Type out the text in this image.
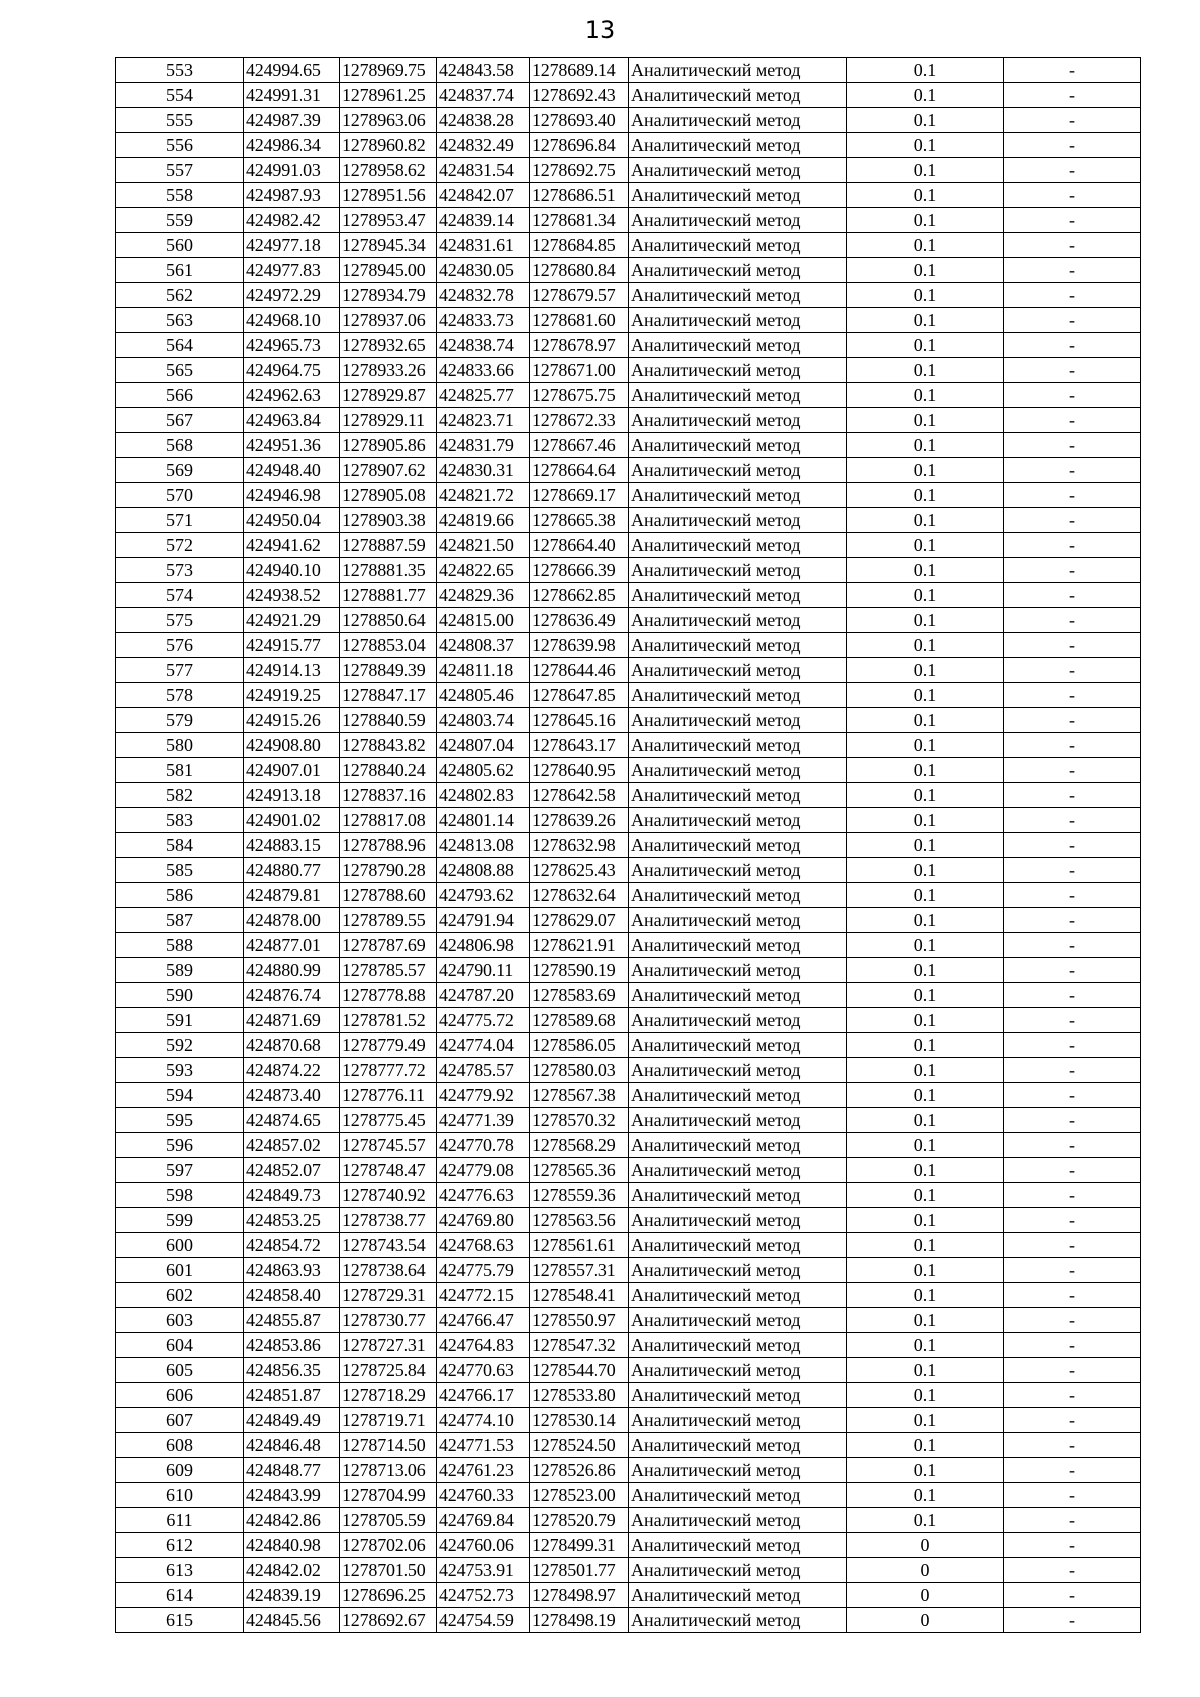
13
553	424994.65	1278969.75	424843.58	1278689.14	Аналитический метод	0.1	-
554	424991.31	1278961.25	424837.74	1278692.43	Аналитический метод	0.1	-
555	424987.39	1278963.06	424838.28	1278693.40	Аналитический метод	0.1	-
556	424986.34	1278960.82	424832.49	1278696.84	Аналитический метод	0.1	-
557	424991.03	1278958.62	424831.54	1278692.75	Аналитический метод	0.1	-
558	424987.93	1278951.56	424842.07	1278686.51	Аналитический метод	0.1	-
559	424982.42	1278953.47	424839.14	1278681.34	Аналитический метод	0.1	-
560	424977.18	1278945.34	424831.61	1278684.85	Аналитический метод	0.1	-
561	424977.83	1278945.00	424830.05	1278680.84	Аналитический метод	0.1	-
562	424972.29	1278934.79	424832.78	1278679.57	Аналитический метод	0.1	-
563	424968.10	1278937.06	424833.73	1278681.60	Аналитический метод	0.1	-
564	424965.73	1278932.65	424838.74	1278678.97	Аналитический метод	0.1	-
565	424964.75	1278933.26	424833.66	1278671.00	Аналитический метод	0.1	-
566	424962.63	1278929.87	424825.77	1278675.75	Аналитический метод	0.1	-
567	424963.84	1278929.11	424823.71	1278672.33	Аналитический метод	0.1	-
568	424951.36	1278905.86	424831.79	1278667.46	Аналитический метод	0.1	-
569	424948.40	1278907.62	424830.31	1278664.64	Аналитический метод	0.1	-
570	424946.98	1278905.08	424821.72	1278669.17	Аналитический метод	0.1	-
571	424950.04	1278903.38	424819.66	1278665.38	Аналитический метод	0.1	-
572	424941.62	1278887.59	424821.50	1278664.40	Аналитический метод	0.1	-
573	424940.10	1278881.35	424822.65	1278666.39	Аналитический метод	0.1	-
574	424938.52	1278881.77	424829.36	1278662.85	Аналитический метод	0.1	-
575	424921.29	1278850.64	424815.00	1278636.49	Аналитический метод	0.1	-
576	424915.77	1278853.04	424808.37	1278639.98	Аналитический метод	0.1	-
577	424914.13	1278849.39	424811.18	1278644.46	Аналитический метод	0.1	-
578	424919.25	1278847.17	424805.46	1278647.85	Аналитический метод	0.1	-
579	424915.26	1278840.59	424803.74	1278645.16	Аналитический метод	0.1	-
580	424908.80	1278843.82	424807.04	1278643.17	Аналитический метод	0.1	-
581	424907.01	1278840.24	424805.62	1278640.95	Аналитический метод	0.1	-
582	424913.18	1278837.16	424802.83	1278642.58	Аналитический метод	0.1	-
583	424901.02	1278817.08	424801.14	1278639.26	Аналитический метод	0.1	-
584	424883.15	1278788.96	424813.08	1278632.98	Аналитический метод	0.1	-
585	424880.77	1278790.28	424808.88	1278625.43	Аналитический метод	0.1	-
586	424879.81	1278788.60	424793.62	1278632.64	Аналитический метод	0.1	-
587	424878.00	1278789.55	424791.94	1278629.07	Аналитический метод	0.1	-
588	424877.01	1278787.69	424806.98	1278621.91	Аналитический метод	0.1	-
589	424880.99	1278785.57	424790.11	1278590.19	Аналитический метод	0.1	-
590	424876.74	1278778.88	424787.20	1278583.69	Аналитический метод	0.1	-
591	424871.69	1278781.52	424775.72	1278589.68	Аналитический метод	0.1	-
592	424870.68	1278779.49	424774.04	1278586.05	Аналитический метод	0.1	-
593	424874.22	1278777.72	424785.57	1278580.03	Аналитический метод	0.1	-
594	424873.40	1278776.11	424779.92	1278567.38	Аналитический метод	0.1	-
595	424874.65	1278775.45	424771.39	1278570.32	Аналитический метод	0.1	-
596	424857.02	1278745.57	424770.78	1278568.29	Аналитический метод	0.1	-
597	424852.07	1278748.47	424779.08	1278565.36	Аналитический метод	0.1	-
598	424849.73	1278740.92	424776.63	1278559.36	Аналитический метод	0.1	-
599	424853.25	1278738.77	424769.80	1278563.56	Аналитический метод	0.1	-
600	424854.72	1278743.54	424768.63	1278561.61	Аналитический метод	0.1	-
601	424863.93	1278738.64	424775.79	1278557.31	Аналитический метод	0.1	-
602	424858.40	1278729.31	424772.15	1278548.41	Аналитический метод	0.1	-
603	424855.87	1278730.77	424766.47	1278550.97	Аналитический метод	0.1	-
604	424853.86	1278727.31	424764.83	1278547.32	Аналитический метод	0.1	-
605	424856.35	1278725.84	424770.63	1278544.70	Аналитический метод	0.1	-
606	424851.87	1278718.29	424766.17	1278533.80	Аналитический метод	0.1	-
607	424849.49	1278719.71	424774.10	1278530.14	Аналитический метод	0.1	-
608	424846.48	1278714.50	424771.53	1278524.50	Аналитический метод	0.1	-
609	424848.77	1278713.06	424761.23	1278526.86	Аналитический метод	0.1	-
610	424843.99	1278704.99	424760.33	1278523.00	Аналитический метод	0.1	-
611	424842.86	1278705.59	424769.84	1278520.79	Аналитический метод	0.1	-
612	424840.98	1278702.06	424760.06	1278499.31	Аналитический метод	0	-
613	424842.02	1278701.50	424753.91	1278501.77	Аналитический метод	0	-
614	424839.19	1278696.25	424752.73	1278498.97	Аналитический метод	0	-
615	424845.56	1278692.67	424754.59	1278498.19	Аналитический метод	0	-
